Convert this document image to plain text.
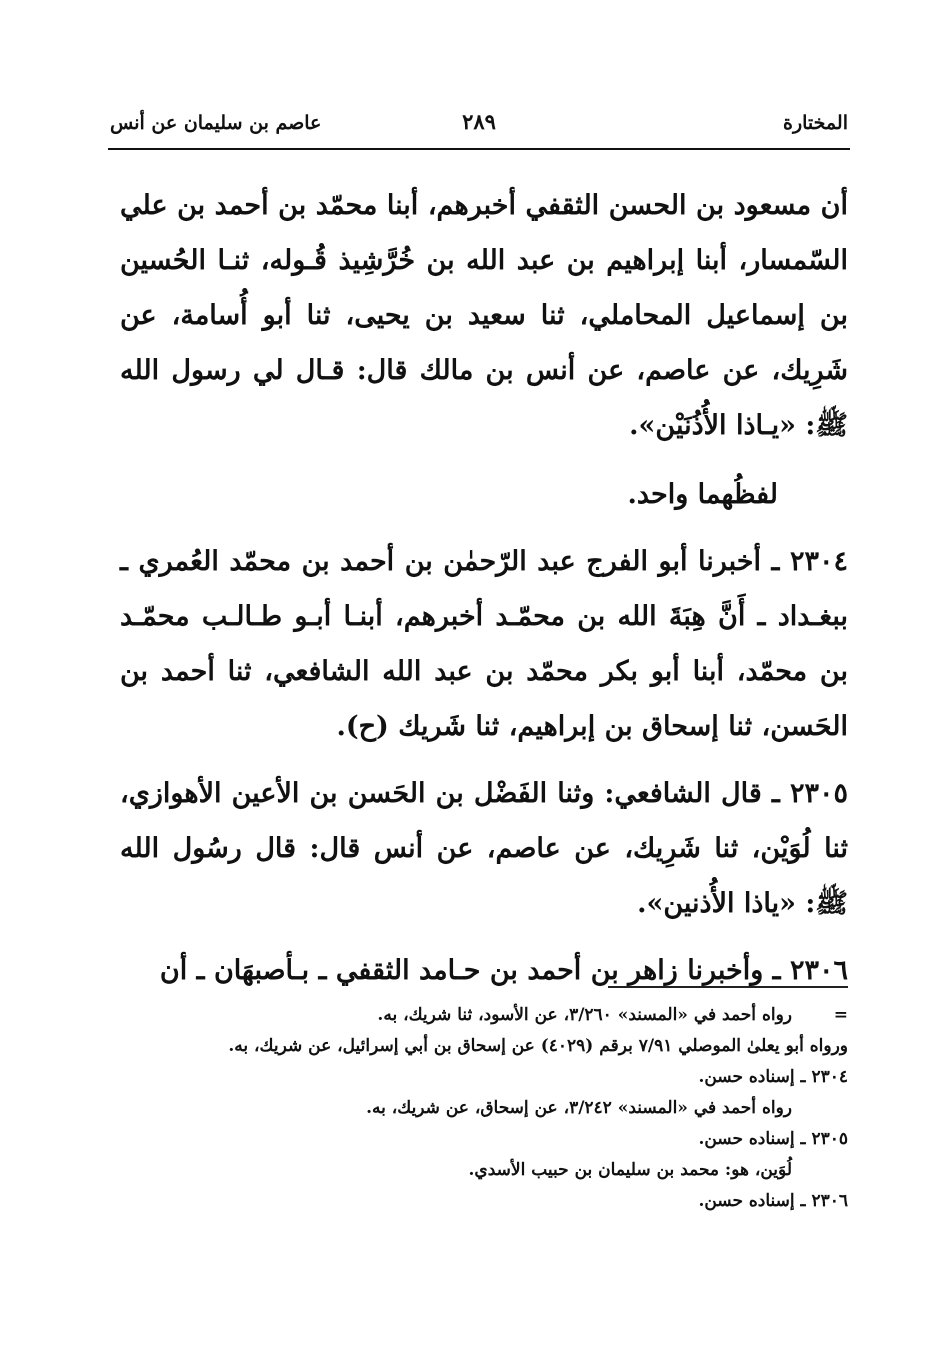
المختارة
٢٨٩
عاصم بن سليمان عن أنس

أن مسعود بن الحسن الثقفي أخبرهم، أبنا محمّد بن أحمد بن علي السّمسار، أبنا إبراهيم بن عبد الله بن خُرَّشِيذ قُـوله، ثنـا الحُسين بن إسماعيل المحاملي، ثنا سعيد بن يحيى، ثنا أبو أُسامة، عن شَرِيك، عن عاصم، عن أنس بن مالك قال: قـال لي رسول الله ﷺ: «يـاذا الأُذُنَيْن».

لفظُهما واحد.

٢٣٠٤ ـ أخبرنا أبو الفرج عبد الرّحمٰن بن أحمد بن محمّد العُمري ـ ببغـداد ـ أَنَّ هِبَةَ الله بن محمّـد أخبرهم، أبنـا أبـو طـالـب محمّـد بن محمّد، أبنا أبو بكر محمّد بن عبد الله الشافعي، ثنا أحمد بن الحَسن، ثنا إسحاق بن إبراهيم، ثنا شَريك (ح).

٢٣٠٥ ـ قال الشافعي: وثنا الفَضْل بن الحَسن بن الأعين الأهوازي، ثنا لُوَيْن، ثنا شَرِيك، عن عاصم، عن أنس قال: قال رسُول الله ﷺ: «ياذا الأُذنين».

٢٣٠٦ ـ وأخبرنا زاهر بن أحمد بن حـامد الثقفي ـ بـأصبهَان ـ أن

=رواه أحمد في «المسند» ٣/٢٦٠، عن الأسود، ثنا شريك، به.

ورواه أبو يعلىٰ الموصلي ٧/٩١ برقم (٤٠٢٩) عن إسحاق بن أبي إسرائيل، عن شريك، به.

٢٣٠٤ ـ إسناده حسن.

رواه أحمد في «المسند» ٣/٢٤٢، عن إسحاق، عن شريك، به.

٢٣٠٥ ـ إسناده حسن.

لُوَين، هو: محمد بن سليمان بن حبيب الأسدي.

٢٣٠٦ ـ إسناده حسن.
